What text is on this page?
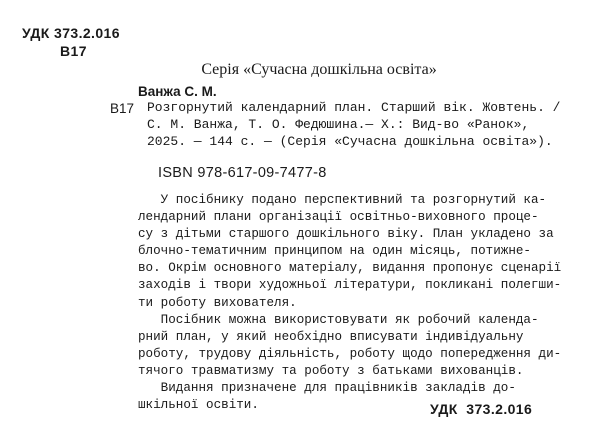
УДК 373.2.016
В17
Серія «Сучасна дошкільна освіта»
Ванжа С. М.
В17 Розгорнутий календарний план. Старший вік. Жовтень. /
С. М. Ванжа, Т. О. Федюшина.— Х.: Вид-во «Ранок»,
2025. — 144 с. — (Серія «Сучасна дошкільна освіта»).
ISBN 978-617-09-7477-8
У посібнику подано перспективний та розгорнутий ка-
лендарний плани організації освітньо-виховного проце-
су з дітьми старшого дошкільного віку. План укладено за
блочно-тематичним принципом на один місяць, потижне-
во. Окрім основного матеріалу, видання пропонує сценарії
заходів і твори художньої літератури, покликані полегши-
ти роботу вихователя.
Посібник можна використовувати як робочий календа-
рний план, у який необхідно вписувати індивідуальну
роботу, трудову діяльність, роботу щодо попередження ди-
тячого травматизму та роботу з батьками вихованців.
Видання призначене для працівників закладів до-
шкільної освіти.	УДК  373.2.016
